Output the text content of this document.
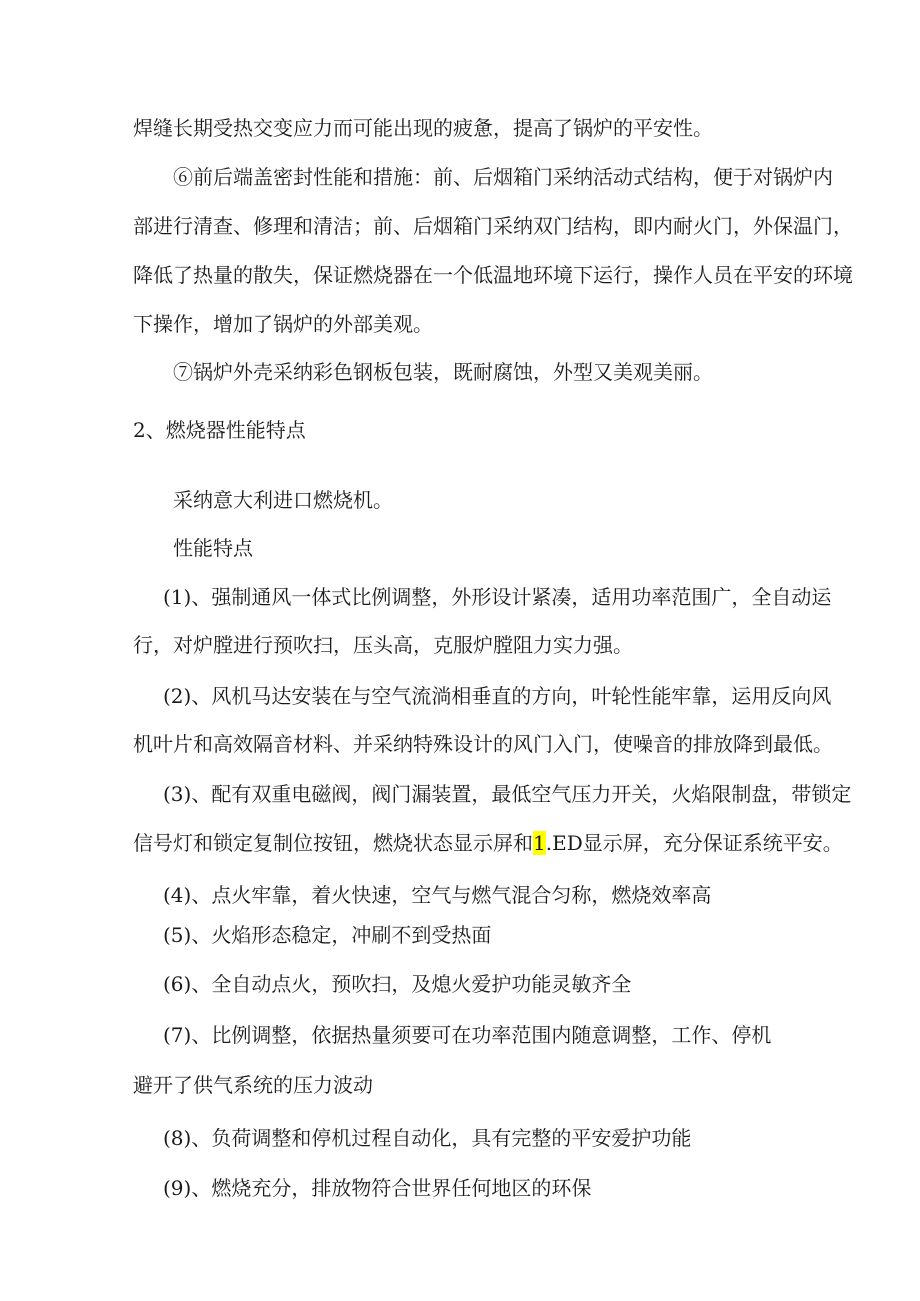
焊缝长期受热交变应力而可能出现的疲惫，提高了锅炉的平安性。

⑥前后端盖密封性能和措施：前、后烟箱门采纳活动式结构，便于对锅炉内

部进行清查、修理和清洁；前、后烟箱门采纳双门结构，即内耐火门，外保温门，

降低了热量的散失，保证燃烧器在一个低温地环境下运行，操作人员在平安的环境

下操作，增加了锅炉的外部美观。

⑦锅炉外壳采纳彩色钢板包装，既耐腐蚀，外型又美观美丽。

2、燃烧器性能特点

采纳意大利进口燃烧机。

性能特点

(1)、强制通风一体式比例调整，外形设计紧凑，适用功率范围广，全自动运

行，对炉膛进行预吹扫，压头高，克服炉膛阻力实力强。

(2)、风机马达安装在与空气流淌相垂直的方向，叶轮性能牢靠，运用反向风

机叶片和高效隔音材料、并采纳特殊设计的风门入门，使噪音的排放降到最低。

(3)、配有双重电磁阀，阀门漏装置，最低空气压力开关，火焰限制盘，带锁定

信号灯和锁定复制位按钮，燃烧状态显示屏和1.ED显示屏，充分保证系统平安。

(4)、点火牢靠，着火快速，空气与燃气混合匀称，燃烧效率高

(5)、火焰形态稳定，冲刷不到受热面

(6)、全自动点火，预吹扫，及熄火爱护功能灵敏齐全

(7)、比例调整，依据热量须要可在功率范围内随意调整，工作、停机

避开了供气系统的压力波动

(8)、负荷调整和停机过程自动化，具有完整的平安爱护功能

(9)、燃烧充分，排放物符合世界任何地区的环保
